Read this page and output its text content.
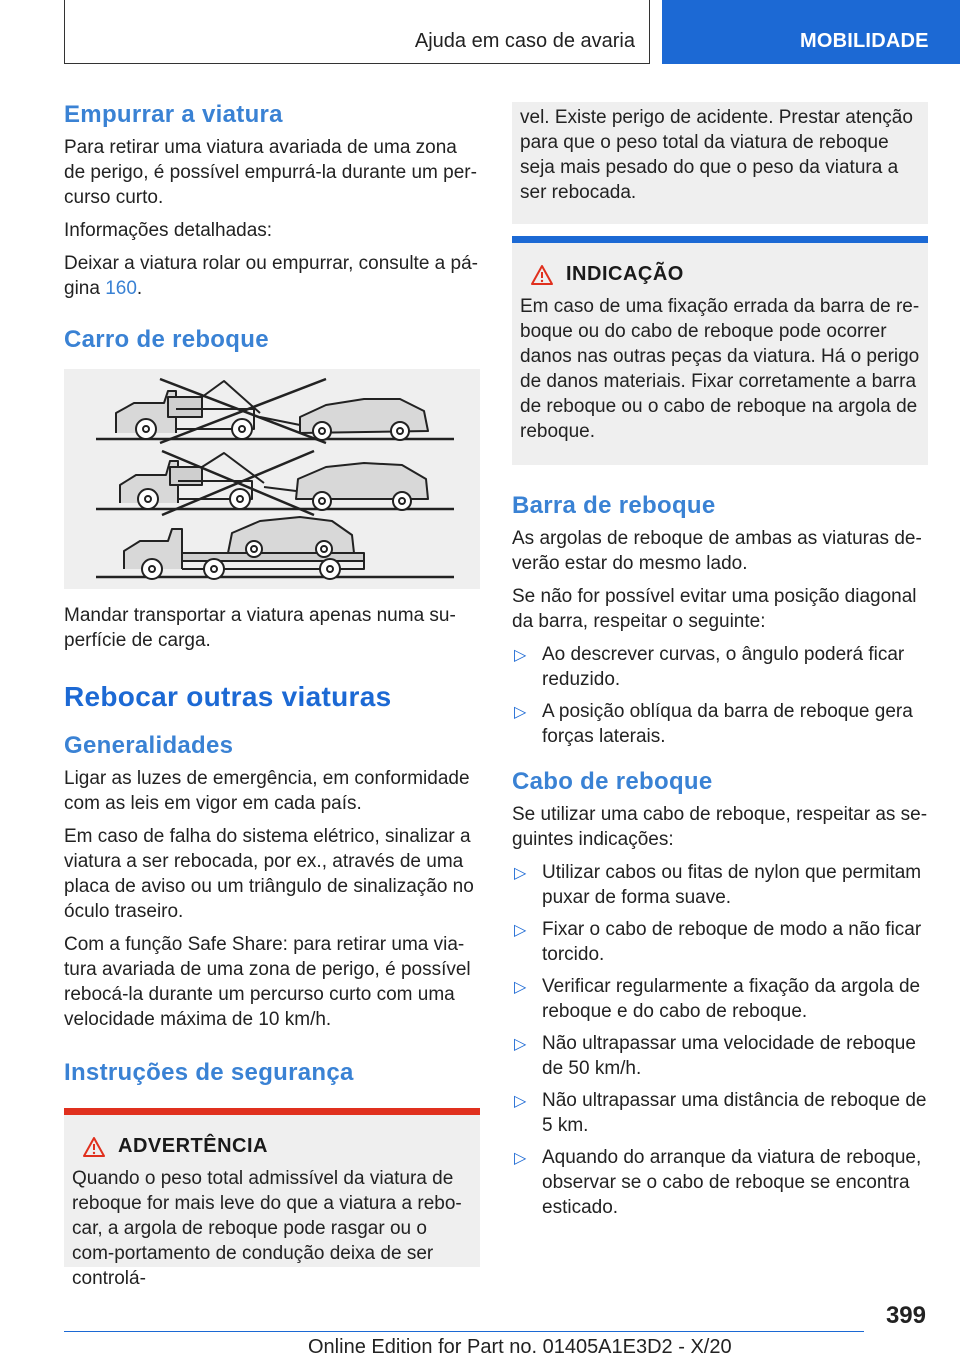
Ajuda em caso de avaria	MOBILIDADE
Empurrar a viatura

Para retirar uma viatura avariada de uma zona de perigo, é possível empurrá-la durante um per-curso curto.

Informações detalhadas:

Deixar a viatura rolar ou empurrar, consulte a pá-gina 160.

Carro de reboque

Mandar transportar a viatura apenas numa su-perfície de carga.

Rebocar outras viaturas
Generalidades

Ligar as luzes de emergência, em conformidade com as leis em vigor em cada país.

Em caso de falha do sistema elétrico, sinalizar a viatura a ser rebocada, por ex., através de uma placa de aviso ou um triângulo de sinalização no óculo traseiro.

Com a função Safe Share: para retirar uma via-tura avariada de uma zona de perigo, é possível rebocá-la durante um percurso curto com uma velocidade máxima de 10 km/h.

Instruções de segurança
ADVERTÊNCIA

Quando o peso total admissível da viatura de reboque for mais leve do que a viatura a rebo-car, a argola de reboque pode rasgar ou o com-portamento de condução deixa de ser controlá-

vel. Existe perigo de acidente. Prestar atenção para que o peso total da viatura de reboque seja mais pesado do que o peso da viatura a ser rebocada.

INDICAÇÃO

Em caso de uma fixação errada da barra de re-boque ou do cabo de reboque pode ocorrer danos nas outras peças da viatura. Há o perigo de danos materiais. Fixar corretamente a barra de reboque ou o cabo de reboque na argola de reboque.

Barra de reboque

As argolas de reboque de ambas as viaturas de-verão estar do mesmo lado.

Se não for possível evitar uma posição diagonal da barra, respeitar o seguinte:

▷ Ao descrever curvas, o ângulo poderá ficar reduzido.
▷ A posição oblíqua da barra de reboque gera forças laterais.
Cabo de reboque

Se utilizar uma cabo de reboque, respeitar as se-guintes indicações:

▷ Utilizar cabos ou fitas de nylon que permitam puxar de forma suave.
▷ Fixar o cabo de reboque de modo a não ficar torcido.
▷ Verificar regularmente a fixação da argola de reboque e do cabo de reboque.
▷ Não ultrapassar uma velocidade de reboque de 50 km/h.
▷ Não ultrapassar uma distância de reboque de 5 km.
▷ Aquando do arranque da viatura de reboque, observar se o cabo de reboque se encontra esticado.
399
Online Edition for Part no. 01405A1E3D2 - X/20
